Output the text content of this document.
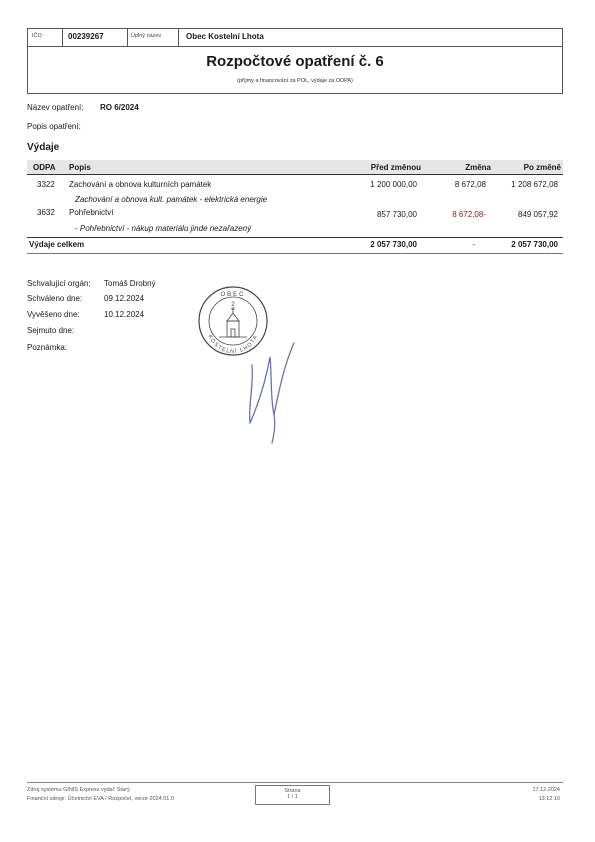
IČO	00239267	Úplný název	Obec Kostelní Lhota
Rozpočtové opatření č. 6
(příjmy a financování za POL, výdaje za ODPA)
Název opatření: RO 6/2024
Popis opatření:
Výdaje
ODPA Popis	Před změnou	Změna	Po změně
3322 Zachování a obnova kulturních památek	1 200 000,00	8 672,08	1 208 672,08
Zachování a obnova kult. památek - elektrická energie
3632 Pohřebnictví	857 730,00	8 672,08-	849 057,92
- Pohřebnictví - nákup materiálu jinde nezařazený
Výdaje celkem	2 057 730,00	-	2 057 730,00
Schvalující orgán: Tomáš Drobný
Schváleno dne:	09.12.2024
Vyvěšeno dne:	10.12.2024
Sejmuto dne:
Poznámka:
OBEC
2
KOSTELNÍ LHOTA
Zdroj systému GINIS Express vydal: Starý
Finanční zdroje: Účetnictví EVA / Rozpočet, verze 2024.01.0
Strana
1 / 1
17.12.2024
13:12:10
